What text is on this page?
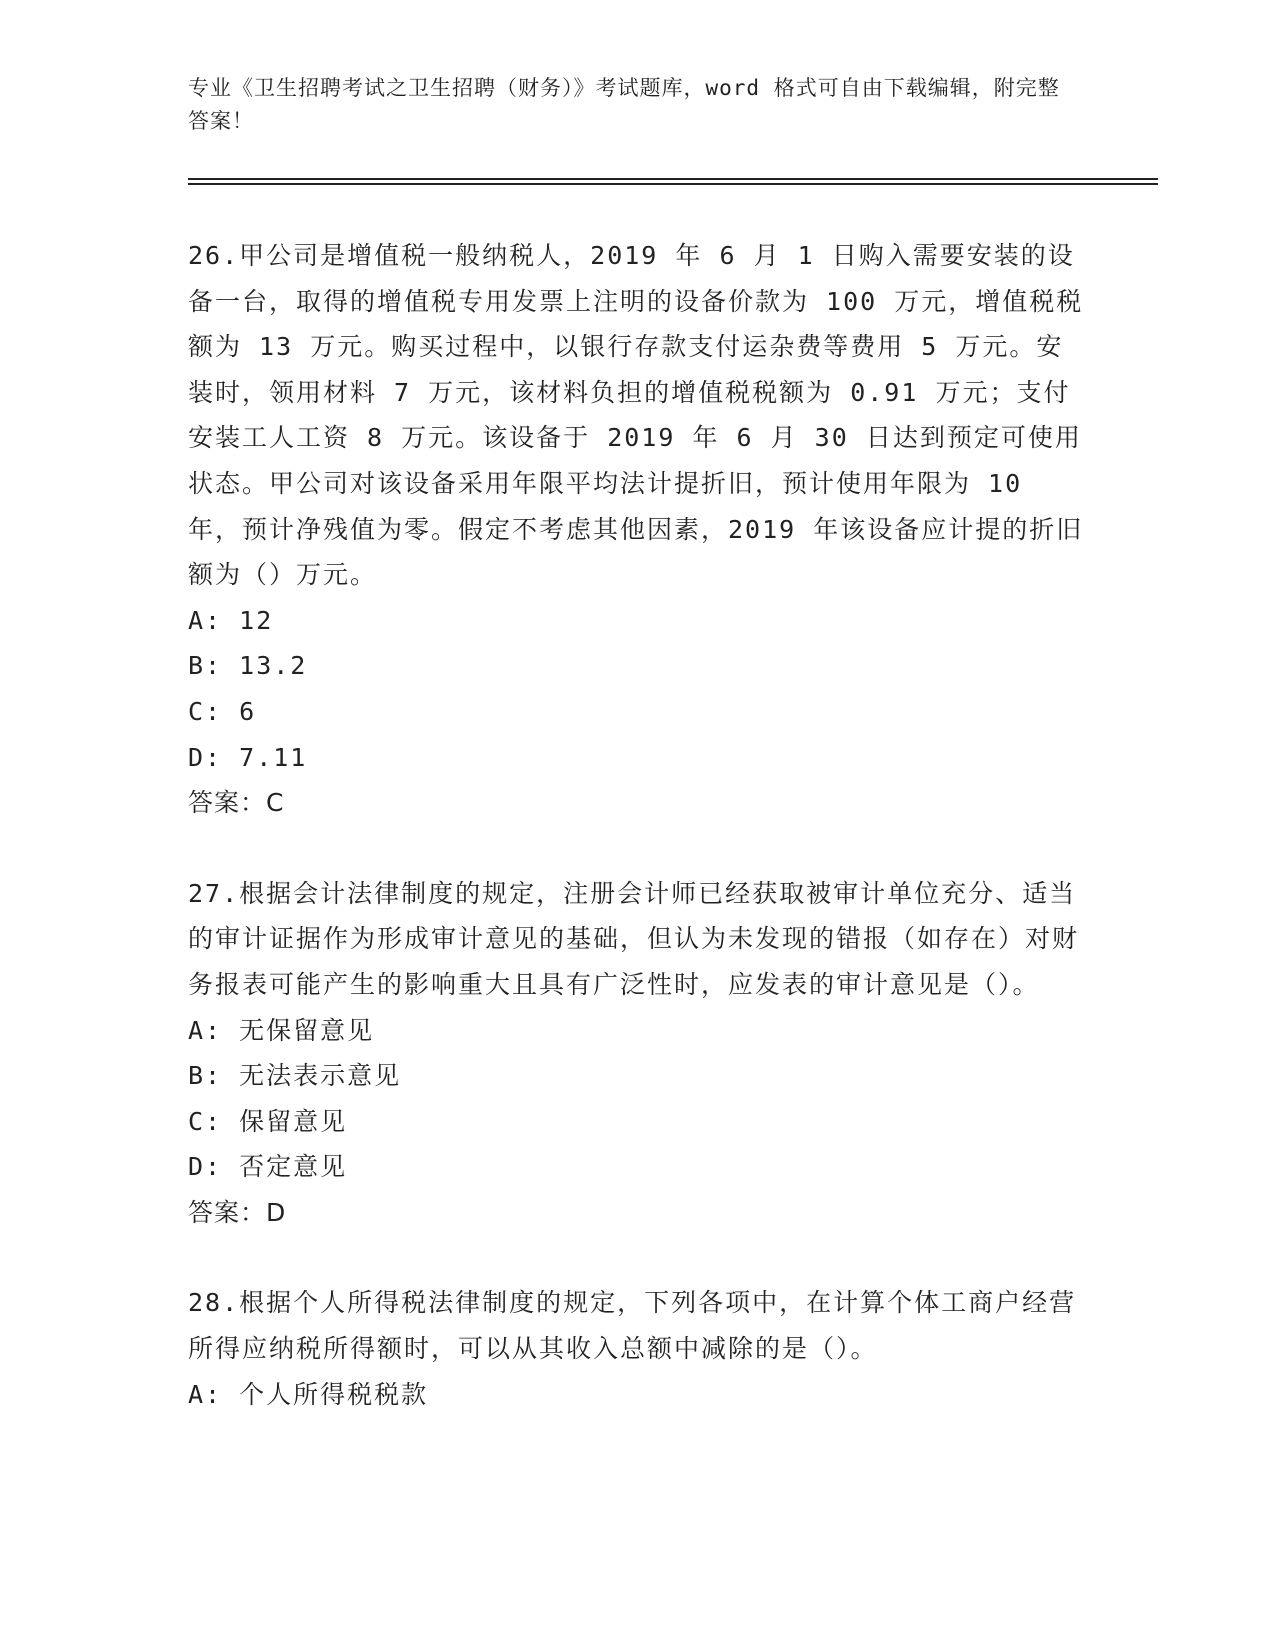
专业《卫生招聘考试之卫生招聘（财务）》考试题库，word 格式可自由下载编辑，附完整答案！

26.甲公司是增值税一般纳税人，2019 年 6 月 1 日购入需要安装的设备一台，取得的增值税专用发票上注明的设备价款为 100 万元，增值税税额为 13 万元。购买过程中，以银行存款支付运杂费等费用 5 万元。安装时，领用材料 7 万元，该材料负担的增值税税额为 0.91 万元；支付安装工人工资 8 万元。该设备于 2019 年 6 月 30 日达到预定可使用状态。甲公司对该设备采用年限平均法计提折旧，预计使用年限为 10 年，预计净残值为零。假定不考虑其他因素，2019 年该设备应计提的折旧额为（）万元。

A: 12

B: 13.2

C: 6

D: 7.11

答案：C

27.根据会计法律制度的规定，注册会计师已经获取被审计单位充分、适当的审计证据作为形成审计意见的基础，但认为未发现的错报（如存在）对财务报表可能产生的影响重大且具有广泛性时，应发表的审计意见是（）。

A: 无保留意见

B: 无法表示意见

C: 保留意见

D: 否定意见

答案：D

28.根据个人所得税法律制度的规定，下列各项中，在计算个体工商户经营所得应纳税所得额时，可以从其收入总额中减除的是（）。

A: 个人所得税税款
